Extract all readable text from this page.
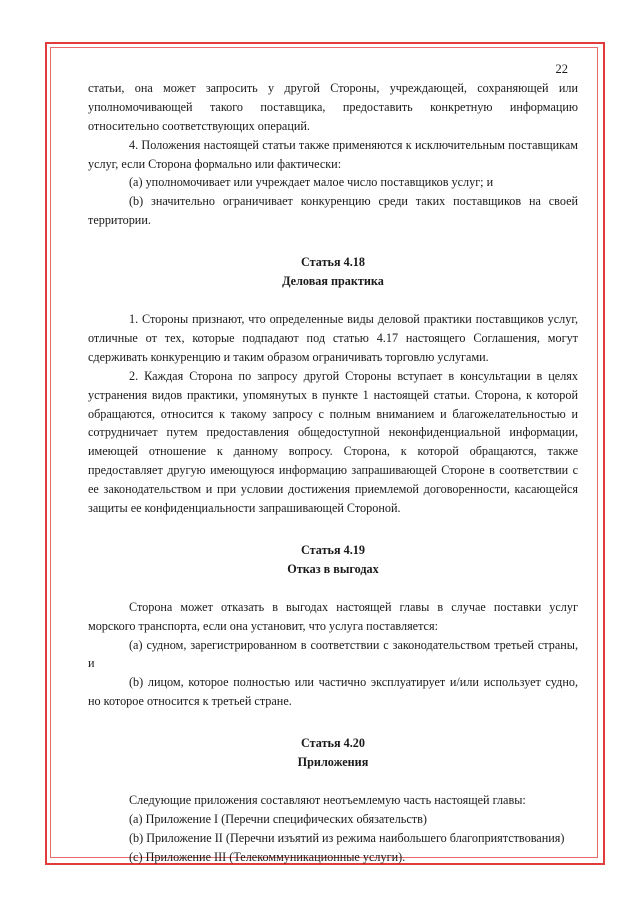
22

статьи, она может запросить у другой Стороны, учреждающей, сохраняющей или уполномочивающей такого поставщика, предоставить конкретную информацию относительно соответствующих операций.

4. Положения настоящей статьи также применяются к исключительным поставщикам услуг, если Сторона формально или фактически:

(a) уполномочивает или учреждает малое число поставщиков услуг; и

(b) значительно ограничивает конкуренцию среди таких поставщиков на своей территории.

Статья 4.18
Деловая практика

1. Стороны признают, что определенные виды деловой практики поставщиков услуг, отличные от тех, которые подпадают под статью 4.17 настоящего Соглашения, могут сдерживать конкуренцию и таким образом ограничивать торговлю услугами.

2. Каждая Сторона по запросу другой Стороны вступает в консультации в целях устранения видов практики, упомянутых в пункте 1 настоящей статьи. Сторона, к которой обращаются, относится к такому запросу с полным вниманием и благожелательностью и сотрудничает путем предоставления общедоступной неконфиденциальной информации, имеющей отношение к данному вопросу. Сторона, к которой обращаются, также предоставляет другую имеющуюся информацию запрашивающей Стороне в соответствии с ее законодательством и при условии достижения приемлемой договоренности, касающейся защиты ее конфиденциальности запрашивающей Стороной.

Статья 4.19
Отказ в выгодах

Сторона может отказать в выгодах настоящей главы в случае поставки услуг морского транспорта, если она установит, что услуга поставляется:

(a) судном, зарегистрированном в соответствии с законодательством третьей страны, и

(b) лицом, которое полностью или частично эксплуатирует и/или использует судно, но которое относится к третьей стране.

Статья 4.20
Приложения

Следующие приложения составляют неотъемлемую часть настоящей главы:

(a) Приложение I (Перечни специфических обязательств)

(b) Приложение II (Перечни изъятий из режима наибольшего благоприятствования)

(c) Приложение III (Телекоммуникационные услуги).
